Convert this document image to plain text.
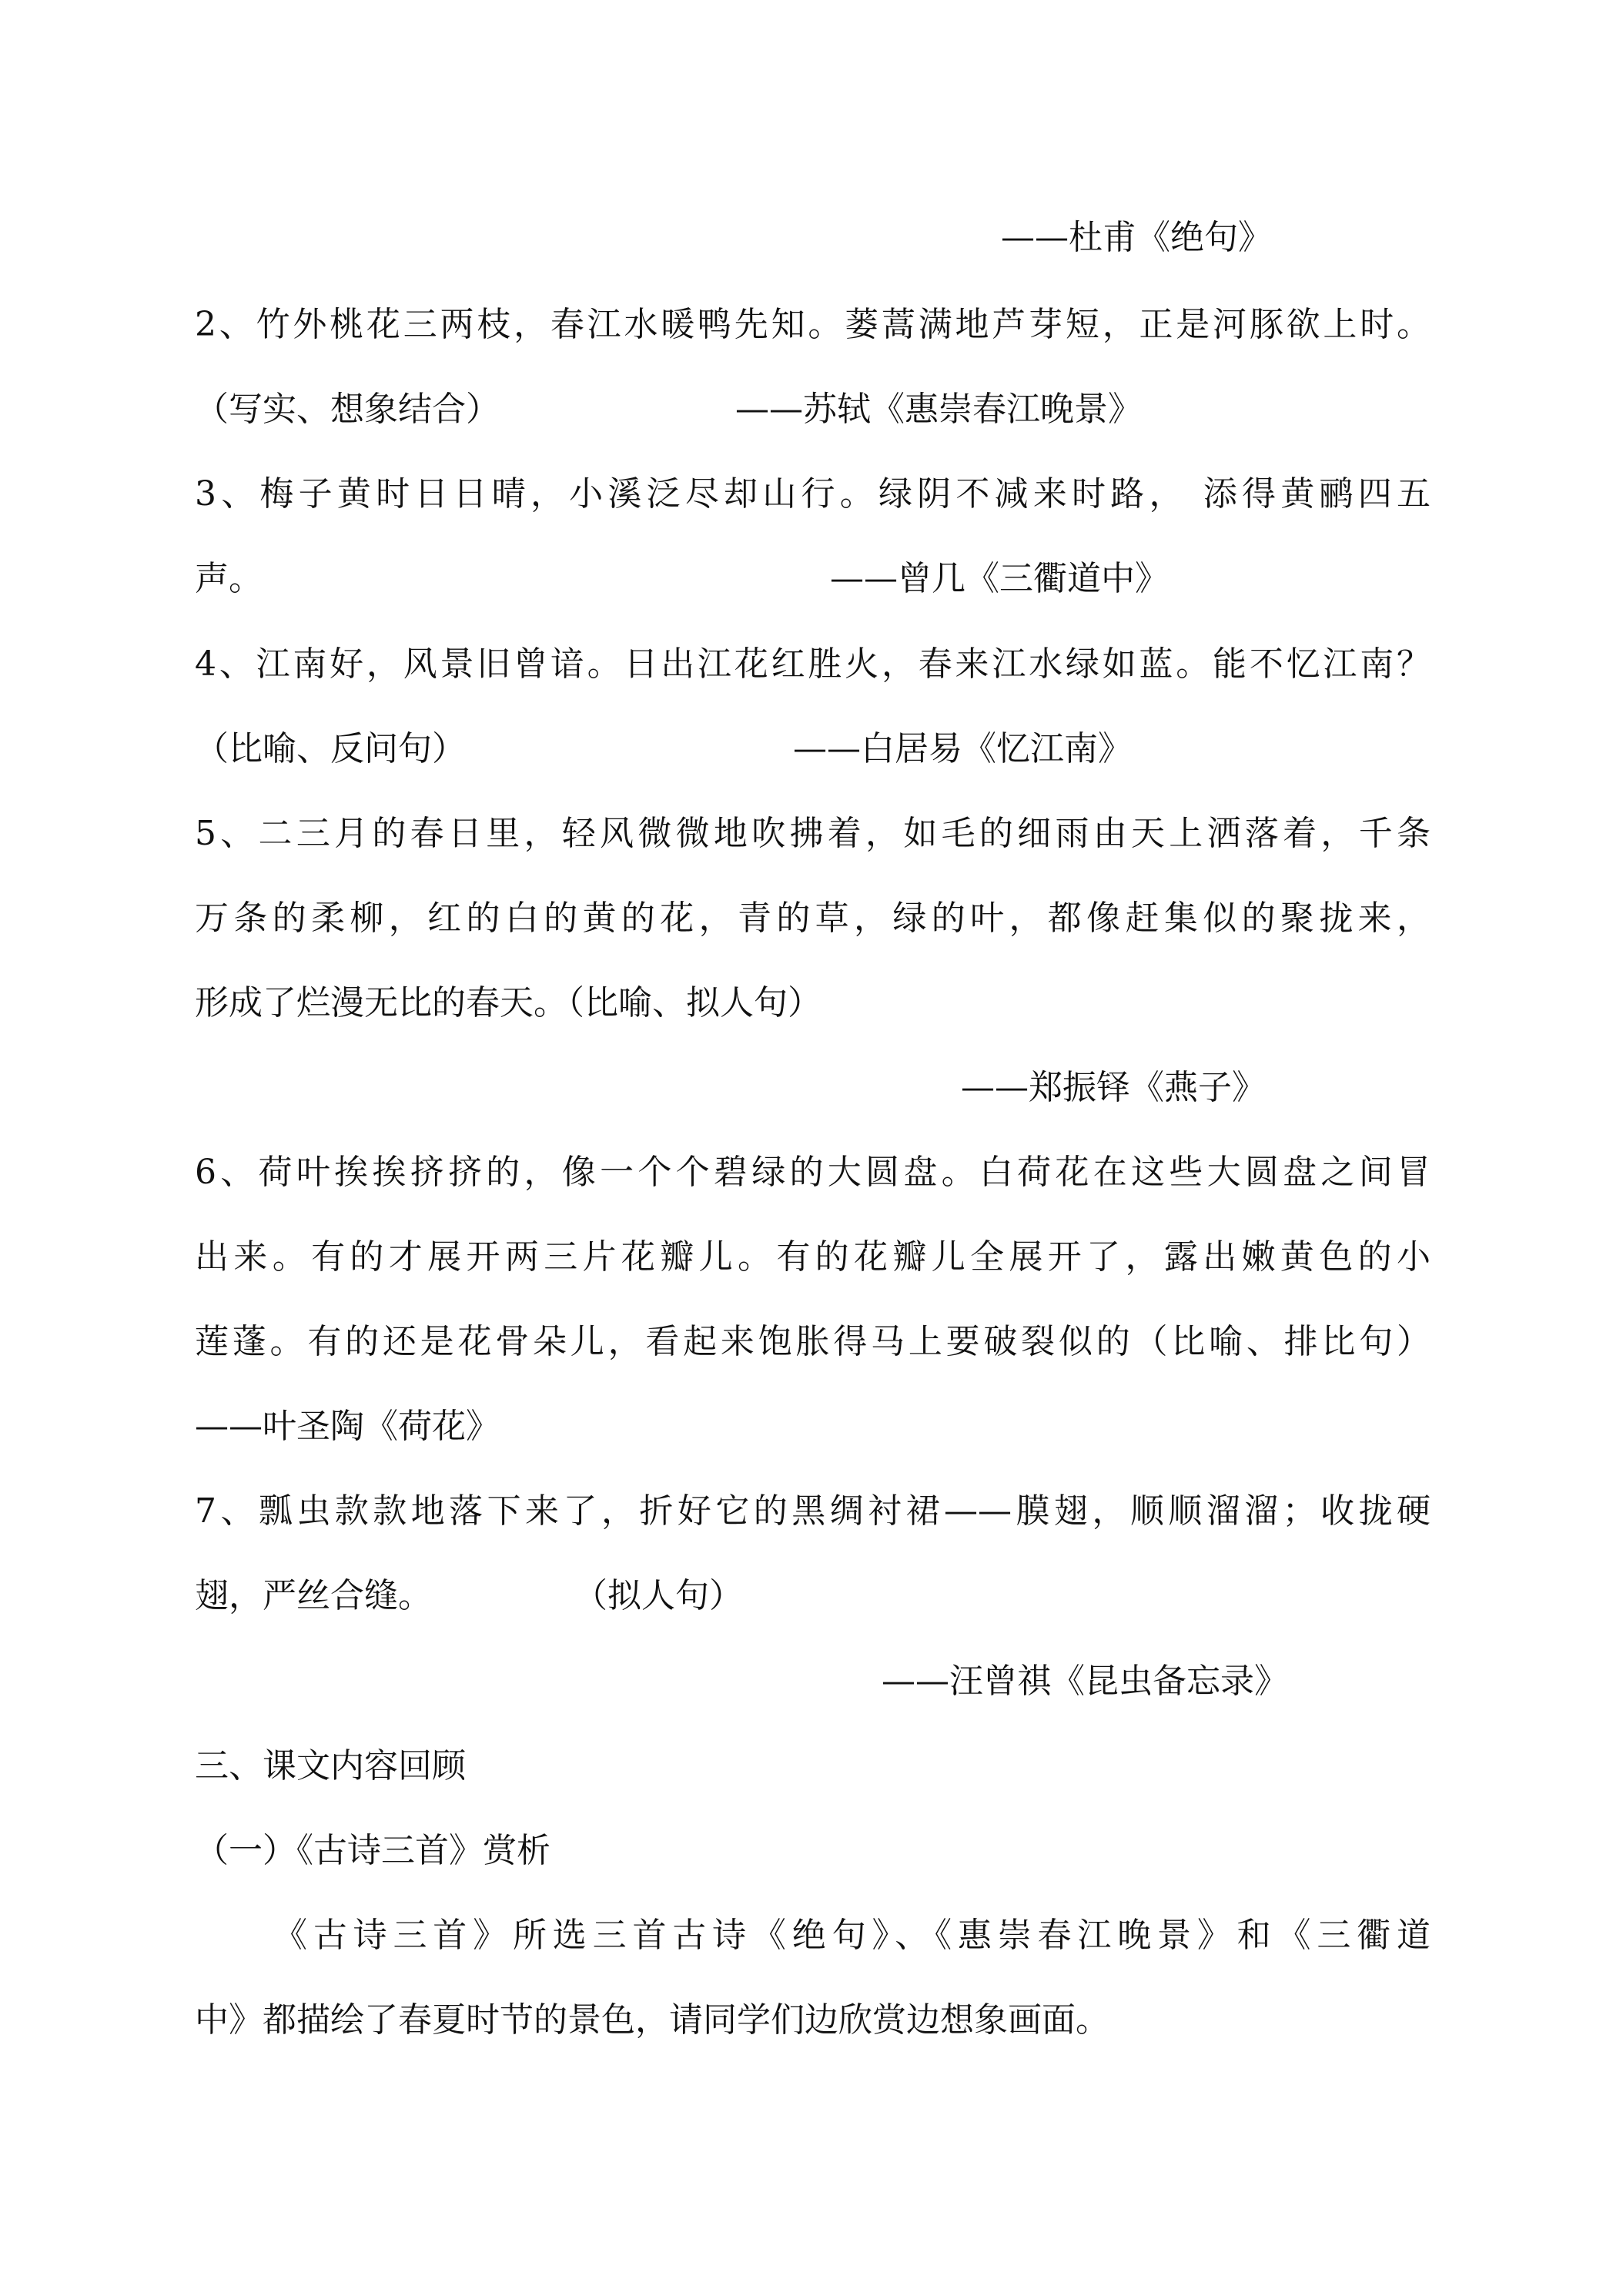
——杜甫《绝句》
2、竹外桃花三两枝，春江水暖鸭先知。蒌蒿满地芦芽短，正是河豚欲上时。
（写实、想象结合）	——苏轼《惠崇春江晚景》
3、梅子黄时日日晴，小溪泛尽却山行。绿阴不减来时路， 添得黄鹂四五
声。	——曾几《三衢道中》
4、江南好，风景旧曾谙。日出江花红胜火，春来江水绿如蓝。能不忆江南？
（比喻、反问句）	——白居易《忆江南》
5、二三月的春日里，轻风微微地吹拂着，如毛的细雨由天上洒落着，千条
万条的柔柳，红的白的黄的花，青的草，绿的叶，都像赶集似的聚拢来，
形成了烂漫无比的春天。（比喻、拟人句）
——郑振铎《燕子》
6、荷叶挨挨挤挤的，像一个个碧绿的大圆盘。白荷花在这些大圆盘之间冒
出来。有的才展开两三片花瓣儿。有的花瓣儿全展开了，露出嫩黄色的小
莲蓬。有的还是花骨朵儿，看起来饱胀得马上要破裂似的（比喻、排比句）
——叶圣陶《荷花》
7、瓢虫款款地落下来了，折好它的黑绸衬裙——膜翅，顺顺溜溜；收拢硬
翅，严丝合缝。	（拟人句）
——汪曾祺《昆虫备忘录》
三、课文内容回顾
（一）《古诗三首》赏析
《古诗三首》所选三首古诗《绝句》、《惠崇春江晚景》和《三衢道
中》都描绘了春夏时节的景色，请同学们边欣赏边想象画面。
